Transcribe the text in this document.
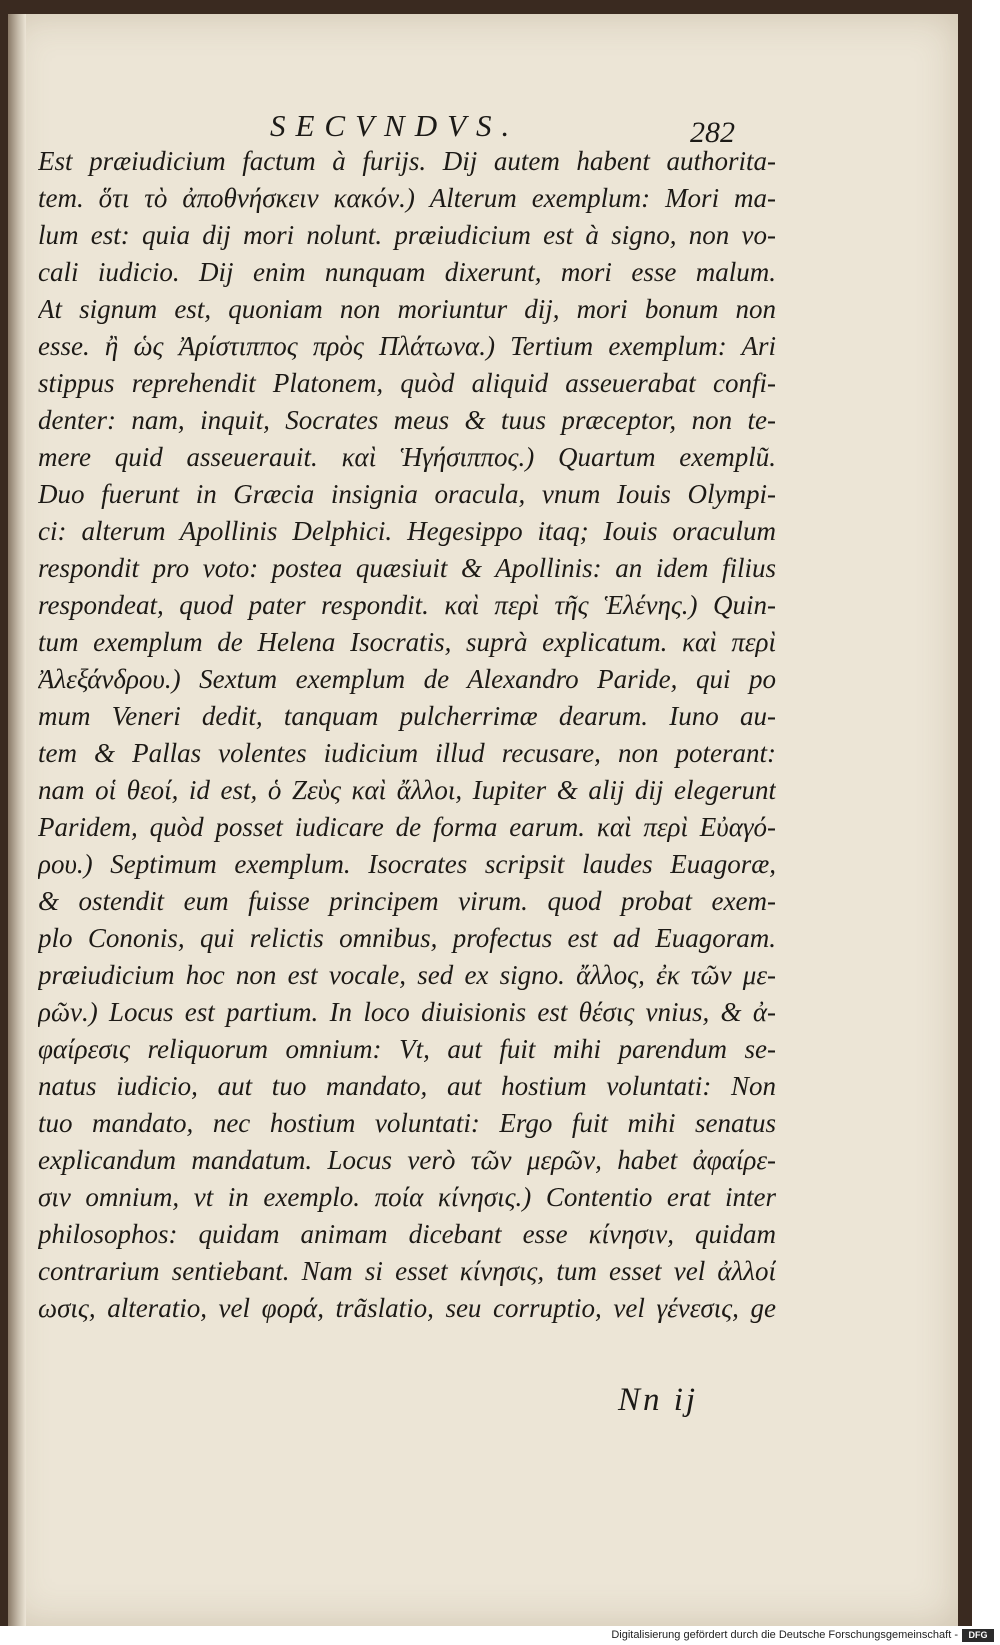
SECVNDVS.	282
Est præiudicium factum à furijs. Dij autem habent authorita-
tem. ὅτι τὸ ἀποθνήσκειν κακόν.) Alterum exemplum: Mori ma-
lum est: quia dij mori nolunt. præiudicium est à signo, non vo-
cali iudicio. Dij enim nunquam dixerunt, mori esse malum.
At signum est, quoniam non moriuntur dij, mori bonum non
esse. ἢ ὡς Ἀρίστιππος πρὸς Πλάτωνα.) Tertium exemplum: Ari
stippus reprehendit Platonem, quòd aliquid asseuerabat confi-
denter: nam, inquit, Socrates meus & tuus præceptor, non te-
mere quid asseuerauit. καὶ Ἡγήσιππος.) Quartum exemplũ.
Duo fuerunt in Græcia insignia oracula, vnum Iouis Olympi-
ci: alterum Apollinis Delphici. Hegesippo itaq; Iouis oraculum
respondit pro voto: postea quæsiuit & Apollinis: an idem filius
respondeat, quod pater respondit. καὶ περὶ τῆς Ἑλένης.) Quin-
tum exemplum de Helena Isocratis, suprà explicatum. καὶ περὶ
Ἀλεξάνδρου.) Sextum exemplum de Alexandro Paride, qui po
mum Veneri dedit, tanquam pulcherrimæ dearum. Iuno au-
tem & Pallas volentes iudicium illud recusare, non poterant:
nam οἱ θεοί, id est, ὁ Ζεὺς καὶ ἄλλοι, Iupiter & alij dij elegerunt
Paridem, quòd posset iudicare de forma earum. καὶ περὶ Εὐαγό-
ρου.) Septimum exemplum. Isocrates scripsit laudes Euagoræ,
& ostendit eum fuisse principem virum. quod probat exem-
plo Cononis, qui relictis omnibus, profectus est ad Euagoram.
præiudicium hoc non est vocale, sed ex signo. ἄλλος, ἐκ τῶν με-
ρῶν.) Locus est partium. In loco diuisionis est θέσις vnius, & ἀ-
φαίρεσις reliquorum omnium: Vt, aut fuit mihi parendum se-
natus iudicio, aut tuo mandato, aut hostium voluntati: Non
tuo mandato, nec hostium voluntati: Ergo fuit mihi senatus
explicandum mandatum. Locus verò τῶν μερῶν, habet ἀφαίρε-
σιν omnium, vt in exemplo. ποία κίνησις.) Contentio erat inter
philosophos: quidam animam dicebant esse κίνησιν, quidam
contrarium sentiebant. Nam si esset κίνησις, tum esset vel ἀλλοί
ωσις, alteratio, vel φορά, trãslatio, seu corruptio, vel γένεσις, ge
Nn ij
Digitalisierung gefördert durch die Deutsche Forschungsgemeinschaft -	DFG
